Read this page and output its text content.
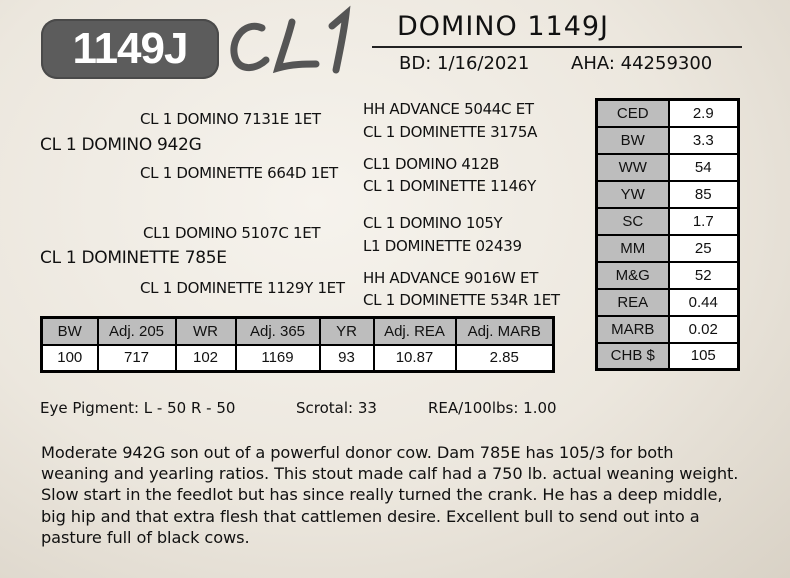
1149J	DOMINO 1149J
BD: 1/16/2021 AHA: 44259300
CL 1 DOMINO 942G
CL 1 DOMINO 7131E 1ET
CL 1 DOMINETTE 664D 1ET
HH ADVANCE 5044C ET
CL 1 DOMINETTE 3175A
CL1 DOMINO 412B
CL 1 DOMINETTE 1146Y
CL 1 DOMINETTE 785E
CL1 DOMINO 5107C 1ET
CL 1 DOMINETTE 1129Y 1ET
CL 1 DOMINO 105Y
L1 DOMINETTE 02439
HH ADVANCE 9016W ET
CL 1 DOMINETTE 534R 1ET
CED	2.9
BW	3.3
WW	54
YW	85
SC	1.7
MM	25
M&G	52
REA	0.44
MARB	0.02
CHB $	105
BW	Adj. 205	WR	Adj. 365	YR	Adj. REA	Adj. MARB
100	717	102	1169	93	10.87	2.85
Eye Pigment: L - 50 R - 50	Scrotal: 33	REA/100lbs: 1.00
Moderate 942G son out of a powerful donor cow. Dam 785E has 105/3 for both weaning and yearling ratios. This stout made calf had a 750 lb. actual weaning weight. Slow start in the feedlot but has since really turned the crank. He has a deep middle, big hip and that extra flesh that cattlemen desire. Excellent bull to send out into a pasture full of black cows.
